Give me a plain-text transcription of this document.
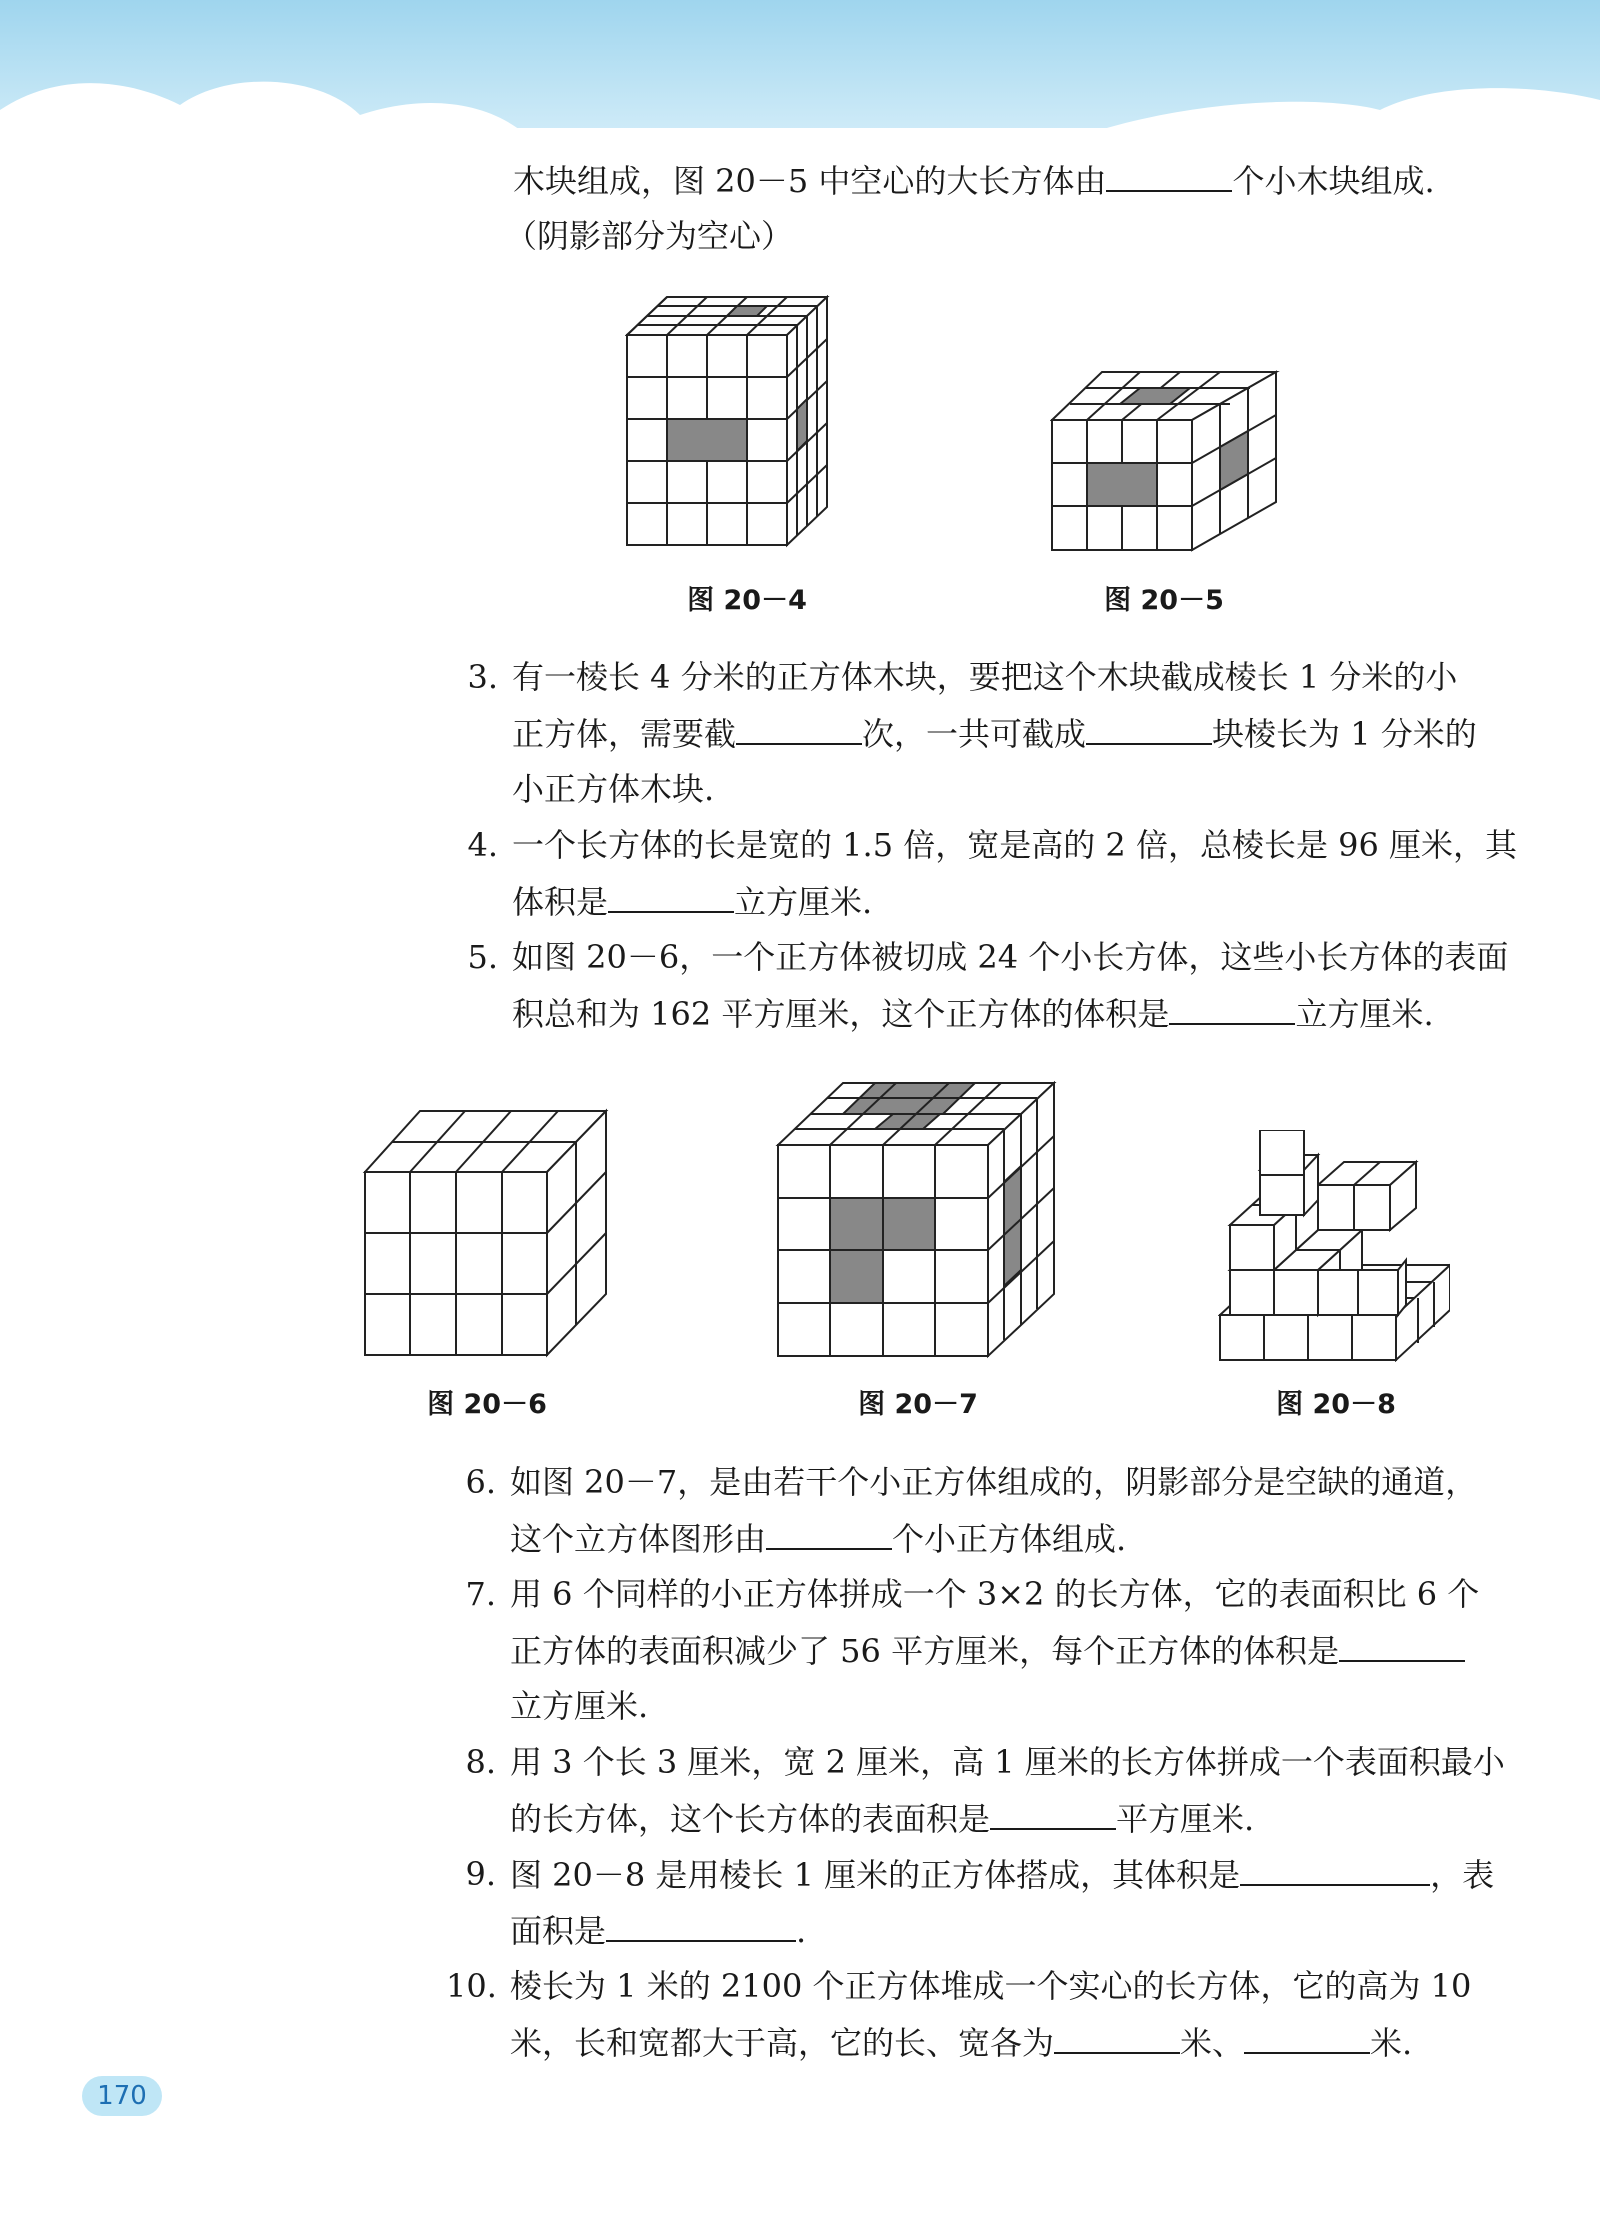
木块组成，图 20－5 中空心的大长方体由	个小木块组成.
（阴影部分为空心）
图 20－4	图 20－5
3. 有一棱长 4 分米的正方体木块，要把这个木块截成棱长 1 分米的小
正方体，需要截	次，一共可截成	块棱长为 1 分米的
小正方体木块.
4. 一个长方体的长是宽的 1.5 倍，宽是高的 2 倍，总棱长是 96 厘米，其
体积是	立方厘米.
5. 如图 20－6，一个正方体被切成 24 个小长方体，这些小长方体的表面
积总和为 162 平方厘米，这个正方体的体积是	立方厘米.
图 20－6	图 20－7	图 20－8
6. 如图 20－7，是由若干个小正方体组成的，阴影部分是空缺的通道，
这个立方体图形由	个小正方体组成.
7. 用 6 个同样的小正方体拼成一个 3×2 的长方体，它的表面积比 6 个
正方体的表面积减少了 56 平方厘米，每个正方体的体积是
立方厘米.
8. 用 3 个长 3 厘米，宽 2 厘米，高 1 厘米的长方体拼成一个表面积最小
的长方体，这个长方体的表面积是	平方厘米.
9. 图 20－8 是用棱长 1 厘米的正方体搭成，其体积是	，表
面积是	.
10. 棱长为 1 米的 2100 个正方体堆成一个实心的长方体，它的高为 10
米，长和宽都大于高，它的长、宽各为	米、	米.
170
